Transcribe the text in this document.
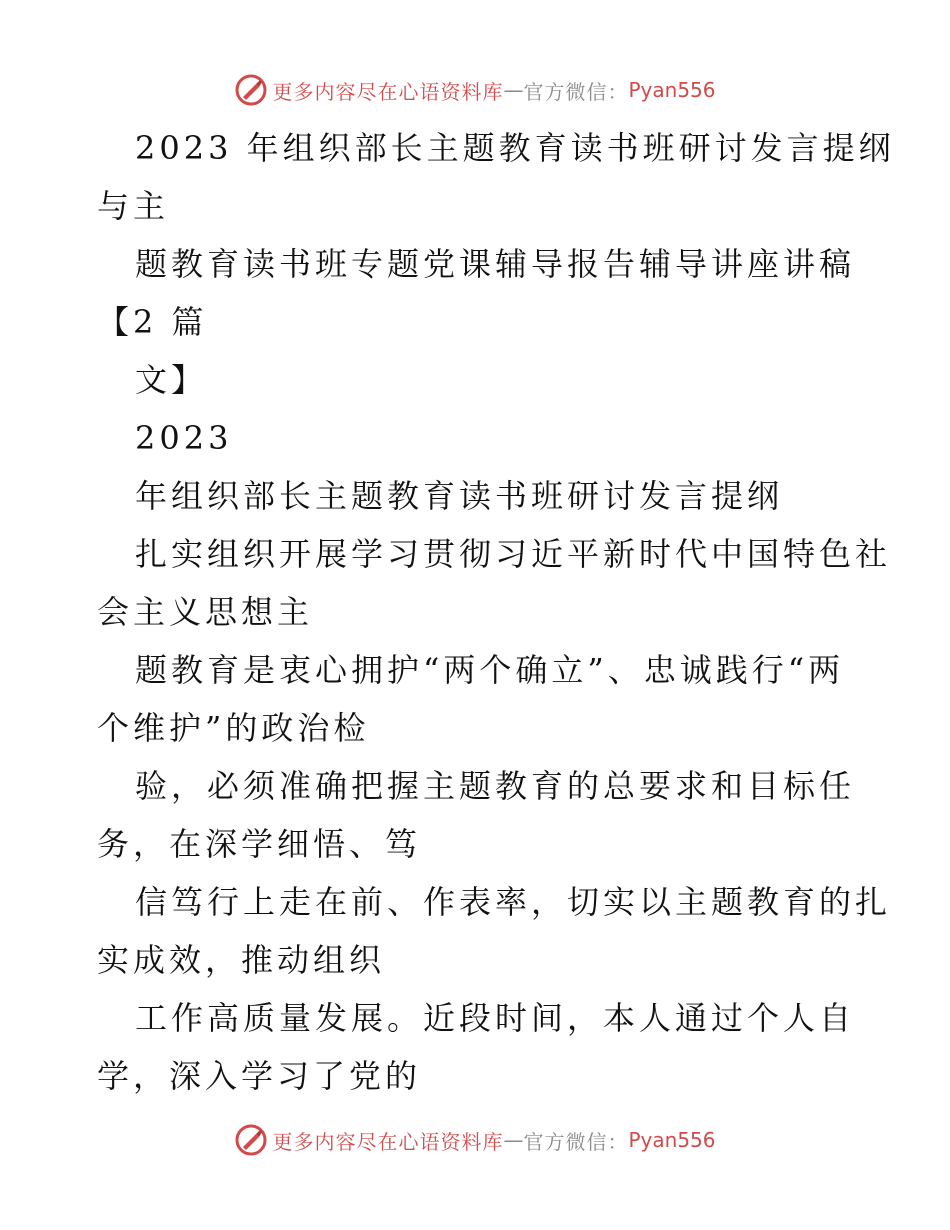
更多内容尽在心语资料库 — 官方微信： Pyan556
2023 年组织部长主题教育读书班研讨发言提纲
与主
题教育读书班专题党课辅导报告辅导讲座讲稿
【2 篇
文】
2023
年组织部长主题教育读书班研讨发言提纲
扎实组织开展学习贯彻习近平新时代中国特色社
会主义思想主
题教育是衷心拥护“两个确立”、忠诚践行“两
个维护”的政治检
验，必须准确把握主题教育的总要求和目标任
务，在深学细悟、笃
信笃行上走在前、作表率，切实以主题教育的扎
实成效，推动组织
工作高质量发展。近段时间，本人通过个人自
学，深入学习了党的
更多内容尽在心语资料库 — 官方微信： Pyan556
